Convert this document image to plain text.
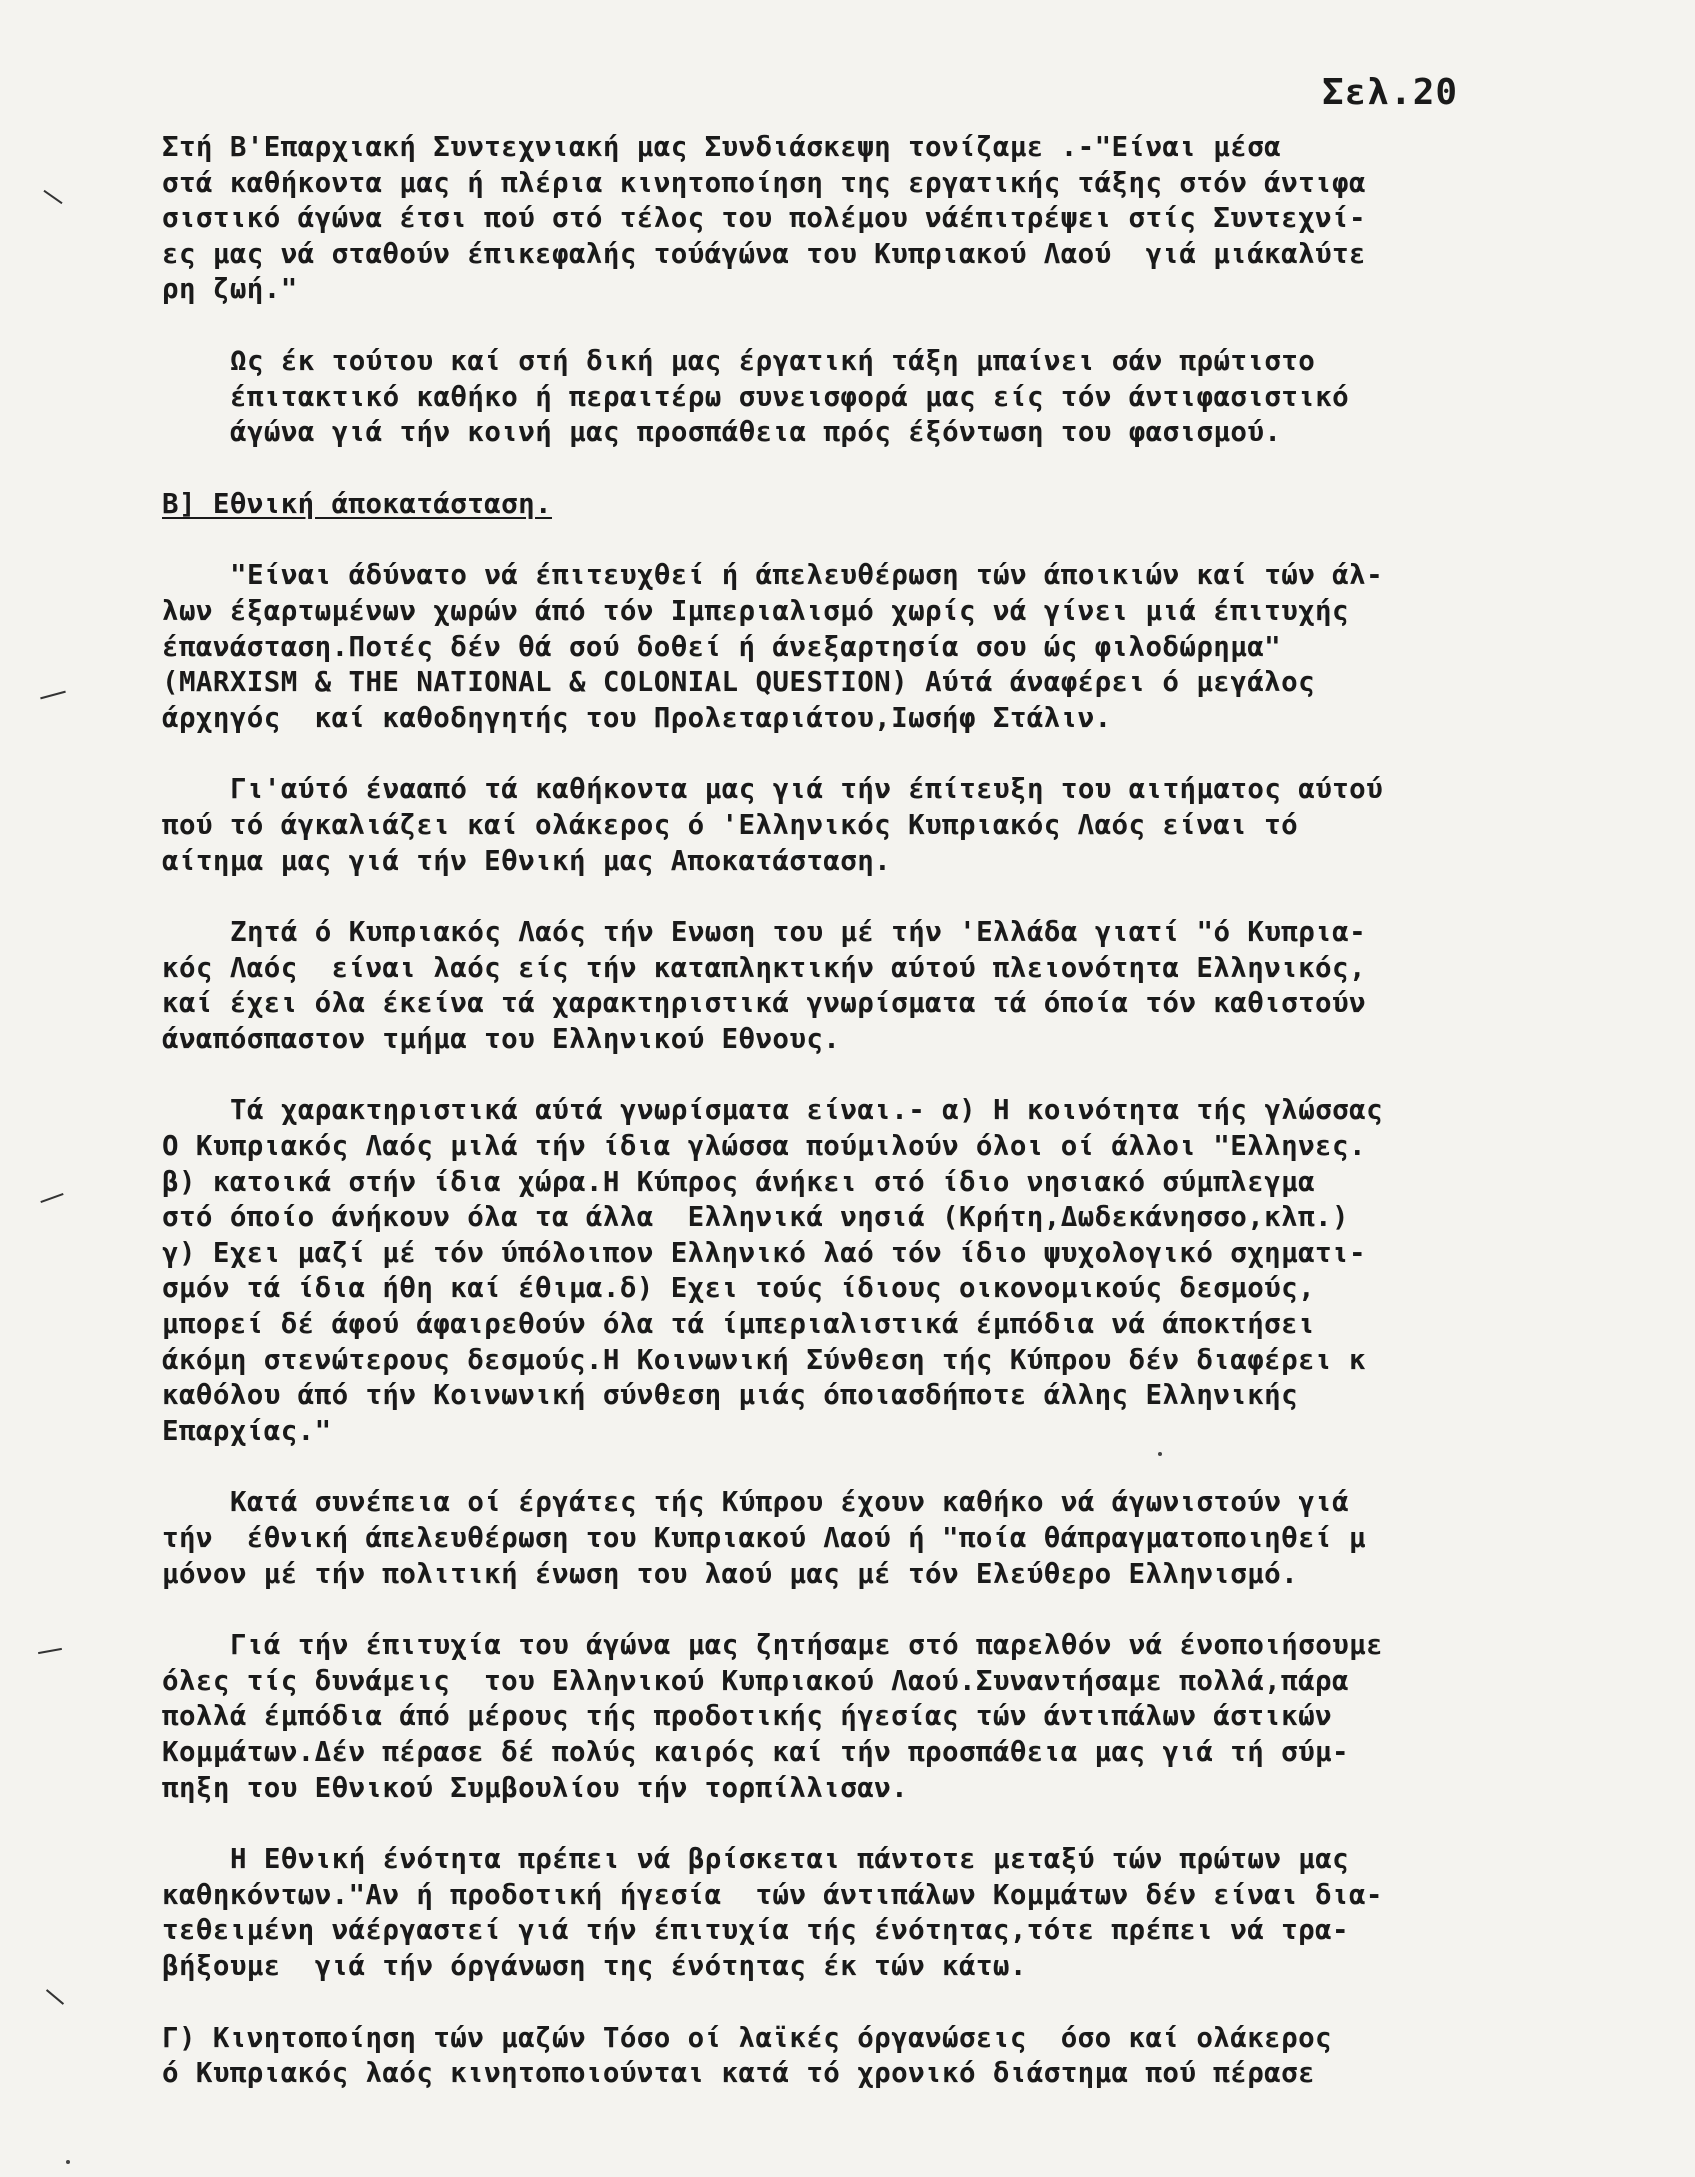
Σελ.20
Στή Β'Επαρχιακή Συντεχνιακή μας Συνδιάσκεψη τονίζαμε .-"Είναι μέσα
στά καθήκοντα μας ή πλέρια κινητοποίηση της εργατικής τάξης στόν άντιφα
σιστικό άγώνα έτσι πού στό τέλος του πολέμου νάέπιτρέψει στίς Συντεχνί-
ες μας νά σταθούν έπικεφαλής τούάγώνα του Κυπριακού Λαού  γιά μιάκαλύτε
ρη ζωή."
Ως έκ τούτου καί στή δική μας έργατική τάξη μπαίνει σάν πρώτιστο
έπιτακτικό καθήκο ή περαιτέρω συνεισφορά μας είς τόν άντιφασιστικό
άγώνα γιά τήν κοινή μας προσπάθεια πρός έξόντωση του φασισμού.
Β] Εθνική άποκατάσταση.
"Είναι άδύνατο νά έπιτευχθεί ή άπελευθέρωση τών άποικιών καί τών άλ-
λων έξαρτωμένων χωρών άπό τόν Ιμπεριαλισμό χωρίς νά γίνει μιά έπιτυχής
έπανάσταση.Ποτές δέν θά σού δοθεί ή άνεξαρτησία σου ώς φιλοδώρημα"
(MARXISM & THE NATIONAL & COLONIAL QUESTION) Αύτά άναφέρει ό μεγάλος
άρχηγός  καί καθοδηγητής του Προλεταριάτου,Ιωσήφ Στάλιν.
Γι'αύτό ένααπό τά καθήκοντα μας γιά τήν έπίτευξη του αιτήματος αύτού
πού τό άγκαλιάζει καί ολάκερος ό 'Ελληνικός Κυπριακός Λαός είναι τό
αίτημα μας γιά τήν Εθνική μας Αποκατάσταση.
Ζητά ό Κυπριακός Λαός τήν Ενωση του μέ τήν 'Ελλάδα γιατί "ό Κυπρια-
κός Λαός  είναι λαός είς τήν καταπληκτικήν αύτού πλειονότητα Ελληνικός,
καί έχει όλα έκείνα τά χαρακτηριστικά γνωρίσματα τά όποία τόν καθιστούν
άναπόσπαστον τμήμα του Ελληνικού Εθνους.
Τά χαρακτηριστικά αύτά γνωρίσματα είναι.- α) Η κοινότητα τής γλώσσας
Ο Κυπριακός Λαός μιλά τήν ίδια γλώσσα πούμιλούν όλοι οί άλλοι "Ελληνες.
β) κατοικά στήν ίδια χώρα.Η Κύπρος άνήκει στό ίδιο νησιακό σύμπλεγμα
στό όποίο άνήκουν όλα τα άλλα  Ελληνικά νησιά (Κρήτη,Δωδεκάνησσο,κλπ.)
γ) Εχει μαζί μέ τόν ύπόλοιπον Ελληνικό λαό τόν ίδιο ψυχολογικό σχηματι-
σμόν τά ίδια ήθη καί έθιμα.δ) Εχει τούς ίδιους οικονομικούς δεσμούς,
μπορεί δέ άφού άφαιρεθούν όλα τά ίμπεριαλιστικά έμπόδια νά άποκτήσει
άκόμη στενώτερους δεσμούς.Η Κοινωνική Σύνθεση τής Κύπρου δέν διαφέρει κ
καθόλου άπό τήν Κοινωνική σύνθεση μιάς όποιασδήποτε άλλης Ελληνικής
Επαρχίας."
Κατά συνέπεια οί έργάτες τής Κύπρου έχουν καθήκο νά άγωνιστούν γιά
τήν  έθνική άπελευθέρωση του Κυπριακού Λαού ή "ποία θάπραγματοποιηθεί μ
μόνον μέ τήν πολιτική ένωση του λαού μας μέ τόν Ελεύθερο Ελληνισμό.
Γιά τήν έπιτυχία του άγώνα μας ζητήσαμε στό παρελθόν νά ένοποιήσουμε
όλες τίς δυνάμεις  του Ελληνικού Κυπριακού Λαού.Συναντήσαμε πολλά,πάρα
πολλά έμπόδια άπό μέρους τής προδοτικής ήγεσίας τών άντιπάλων άστικών
Κομμάτων.Δέν πέρασε δέ πολύς καιρός καί τήν προσπάθεια μας γιά τή σύμ-
πηξη του Εθνικού Συμβουλίου τήν τορπίλλισαν.
Η Εθνική ένότητα πρέπει νά βρίσκεται πάντοτε μεταξύ τών πρώτων μας
καθηκόντων."Αν ή προδοτική ήγεσία  τών άντιπάλων Κομμάτων δέν είναι δια-
τεθειμένη νάέργαστεί γιά τήν έπιτυχία τής ένότητας,τότε πρέπει νά τρα-
βήξουμε  γιά τήν όργάνωση της ένότητας έκ τών κάτω.
Γ) Κινητοποίηση τών μαζών Τόσο οί λαϊκές όργανώσεις  όσο καί ολάκερος
ό Κυπριακός λαός κινητοποιούνται κατά τό χρονικό διάστημα πού πέρασε
